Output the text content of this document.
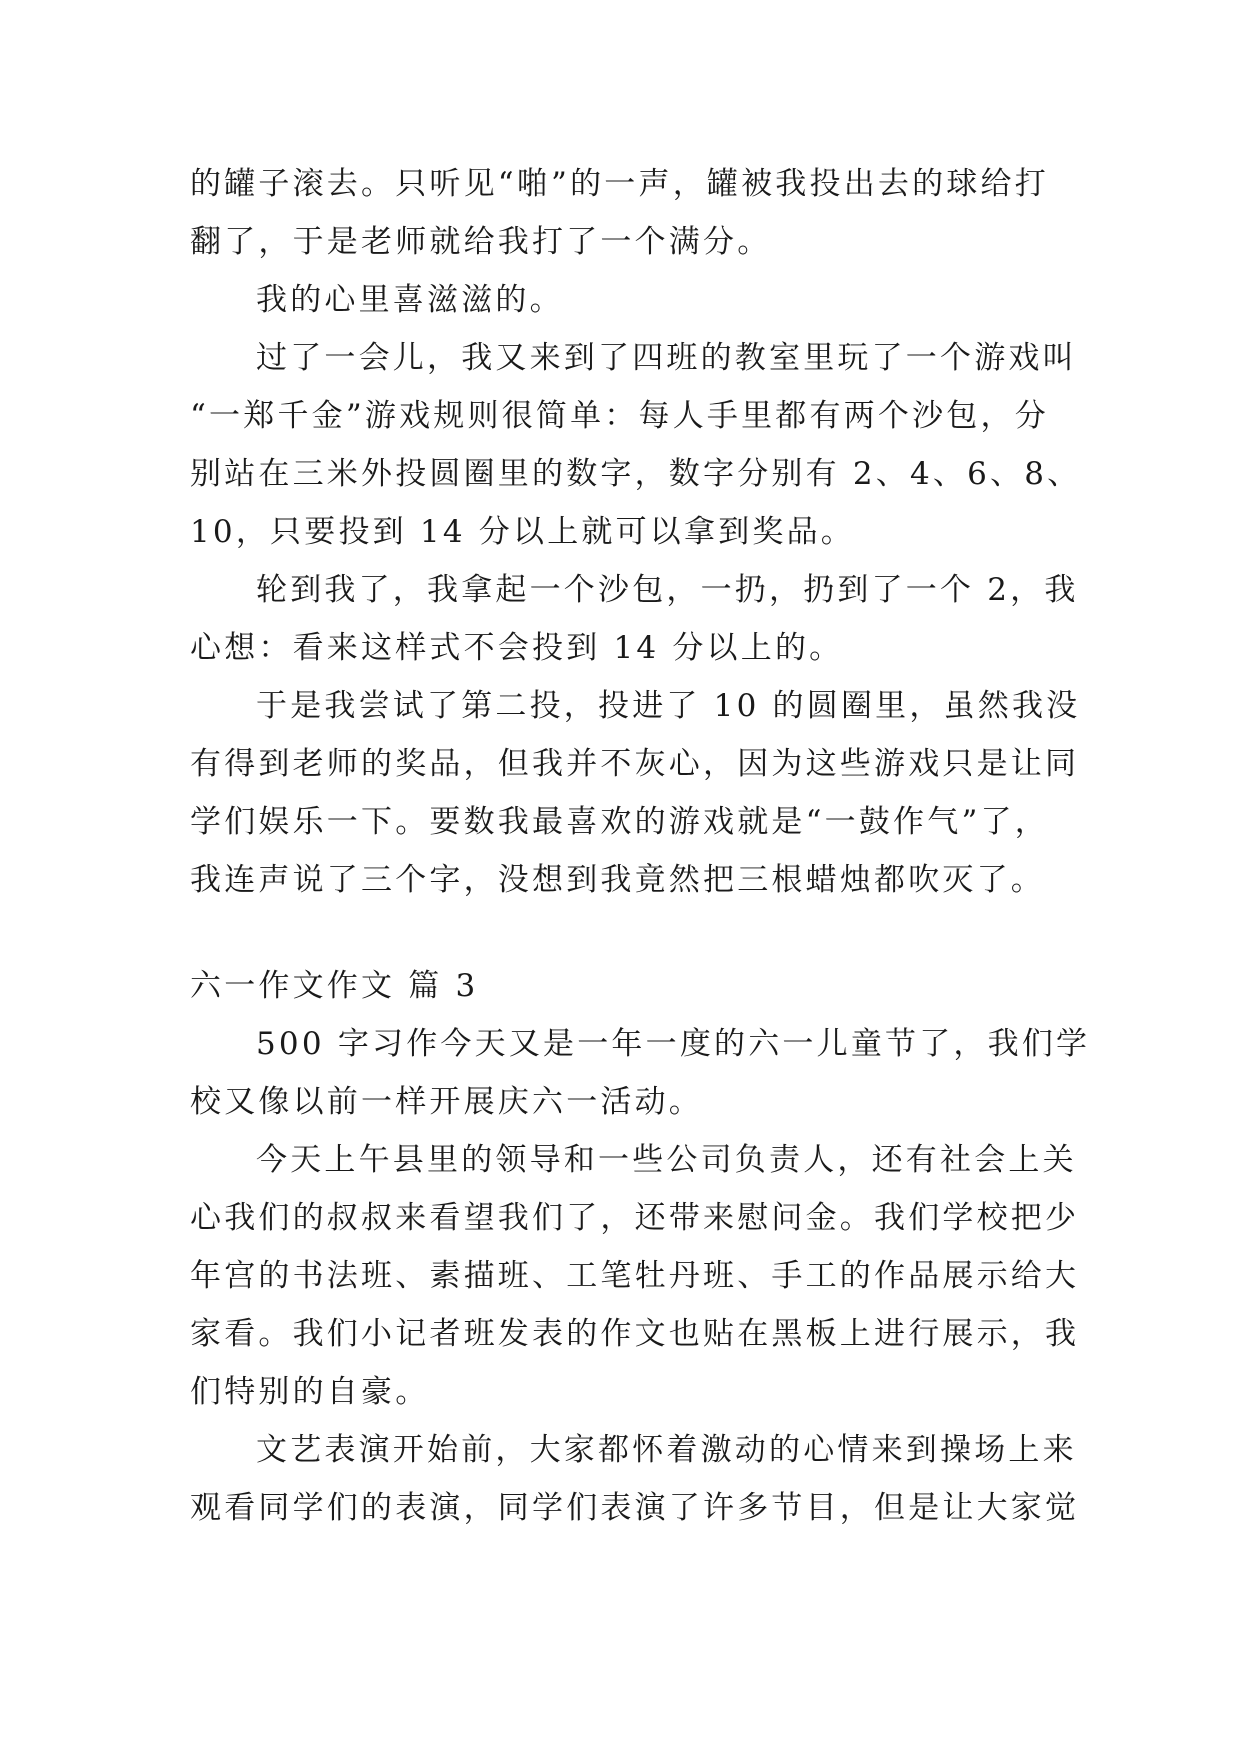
的罐子滚去。只听见“啪”的一声，罐被我投出去的球给打
翻了，于是老师就给我打了一个满分。
我的心里喜滋滋的。
过了一会儿，我又来到了四班的教室里玩了一个游戏叫
“一郑千金”游戏规则很简单：每人手里都有两个沙包，分
别站在三米外投圆圈里的数字，数字分别有 2、4、6、8、
10，只要投到 14 分以上就可以拿到奖品。
轮到我了，我拿起一个沙包，一扔，扔到了一个 2，我
心想：看来这样式不会投到 14 分以上的。
于是我尝试了第二投，投进了 10 的圆圈里，虽然我没
有得到老师的奖品，但我并不灰心，因为这些游戏只是让同
学们娱乐一下。要数我最喜欢的游戏就是“一鼓作气”了，
我连声说了三个字，没想到我竟然把三根蜡烛都吹灭了。
六一作文作文 篇 3
500 字习作今天又是一年一度的六一儿童节了，我们学
校又像以前一样开展庆六一活动。
今天上午县里的领导和一些公司负责人，还有社会上关
心我们的叔叔来看望我们了，还带来慰问金。我们学校把少
年宫的书法班、素描班、工笔牡丹班、手工的作品展示给大
家看。我们小记者班发表的作文也贴在黑板上进行展示，我
们特别的自豪。
文艺表演开始前，大家都怀着激动的心情来到操场上来
观看同学们的表演，同学们表演了许多节目，但是让大家觉
